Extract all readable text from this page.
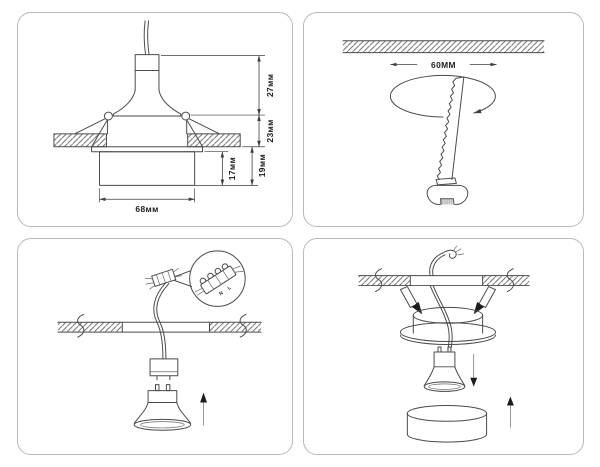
27мм
23мм
19мм
17мм
68мм
60MM
N
L
